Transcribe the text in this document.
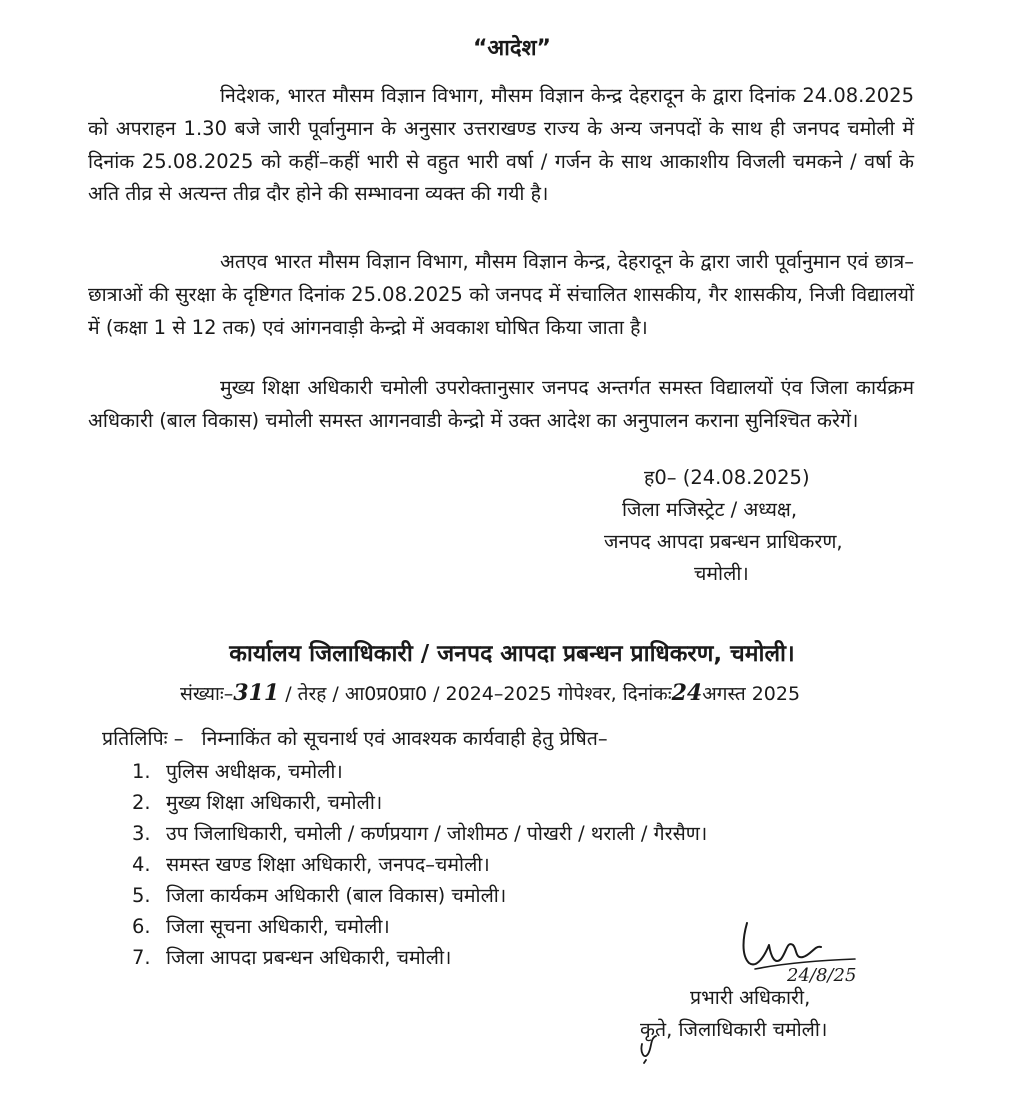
“आदेश”

निदेशक, भारत मौसम विज्ञान विभाग, मौसम विज्ञान केन्द्र देहरादून के द्वारा दिनांक 24.08.2025 को अपराहन 1.30 बजे जारी पूर्वानुमान के अनुसार उत्तराखण्ड राज्य के अन्य जनपदों के साथ ही जनपद चमोली में दिनांक 25.08.2025 को कहीं–कहीं भारी से वहुत भारी वर्षा / गर्जन के साथ आकाशीय विजली चमकने / वर्षा के अति तीव्र से अत्यन्त तीव्र दौर होने की सम्भावना व्यक्त की गयी है।

अतएव भारत मौसम विज्ञान विभाग, मौसम विज्ञान केन्द्र, देहरादून के द्वारा जारी पूर्वानुमान एवं छात्र–छात्राओं की सुरक्षा के दृष्टिगत दिनांक 25.08.2025 को जनपद में संचालित शासकीय, गैर शासकीय, निजी विद्यालयों में (कक्षा 1 से 12 तक) एवं आंगनवाड़ी केन्द्रो में अवकाश घोषित किया जाता है।

मुख्य शिक्षा अधिकारी चमोली उपरोक्तानुसार जनपद अन्तर्गत समस्त विद्यालयों एंव जिला कार्यक्रम अधिकारी (बाल विकास) चमोली समस्त आगनवाडी केन्द्रो में उक्त आदेश का अनुपालन कराना सुनिश्चित करेगें।

ह0– (24.08.2025)
जिला मजिस्ट्रेट / अध्यक्ष,
जनपद आपदा प्रबन्धन प्राधिकरण,
चमोली।
कार्यालय जिलाधिकारी / जनपद आपदा प्रबन्धन प्राधिकरण, चमोली।
संख्याः–311 / तेरह / आ0प्र0प्रा0 / 2024–2025 गोपेश्वर, दिनांकः24अगस्त 2025
प्रतिलिपिः – निम्नाकिंत को सूचनार्थ एवं आवश्यक कार्यवाही हेतु प्रेषित–
1. पुलिस अधीक्षक, चमोली।
2. मुख्य शिक्षा अधिकारी, चमोली।
3. उप जिलाधिकारी, चमोली / कर्णप्रयाग / जोशीमठ / पोखरी / थराली / गैरसैण।
4. समस्त खण्ड शिक्षा अधिकारी, जनपद–चमोली।
5. जिला कार्यकम अधिकारी (बाल विकास) चमोली।
6. जिला सूचना अधिकारी, चमोली।
7. जिला आपदा प्रबन्धन अधिकारी, चमोली।
24/8/25
प्रभारी अधिकारी,
कृते, जिलाधिकारी चमोली।
